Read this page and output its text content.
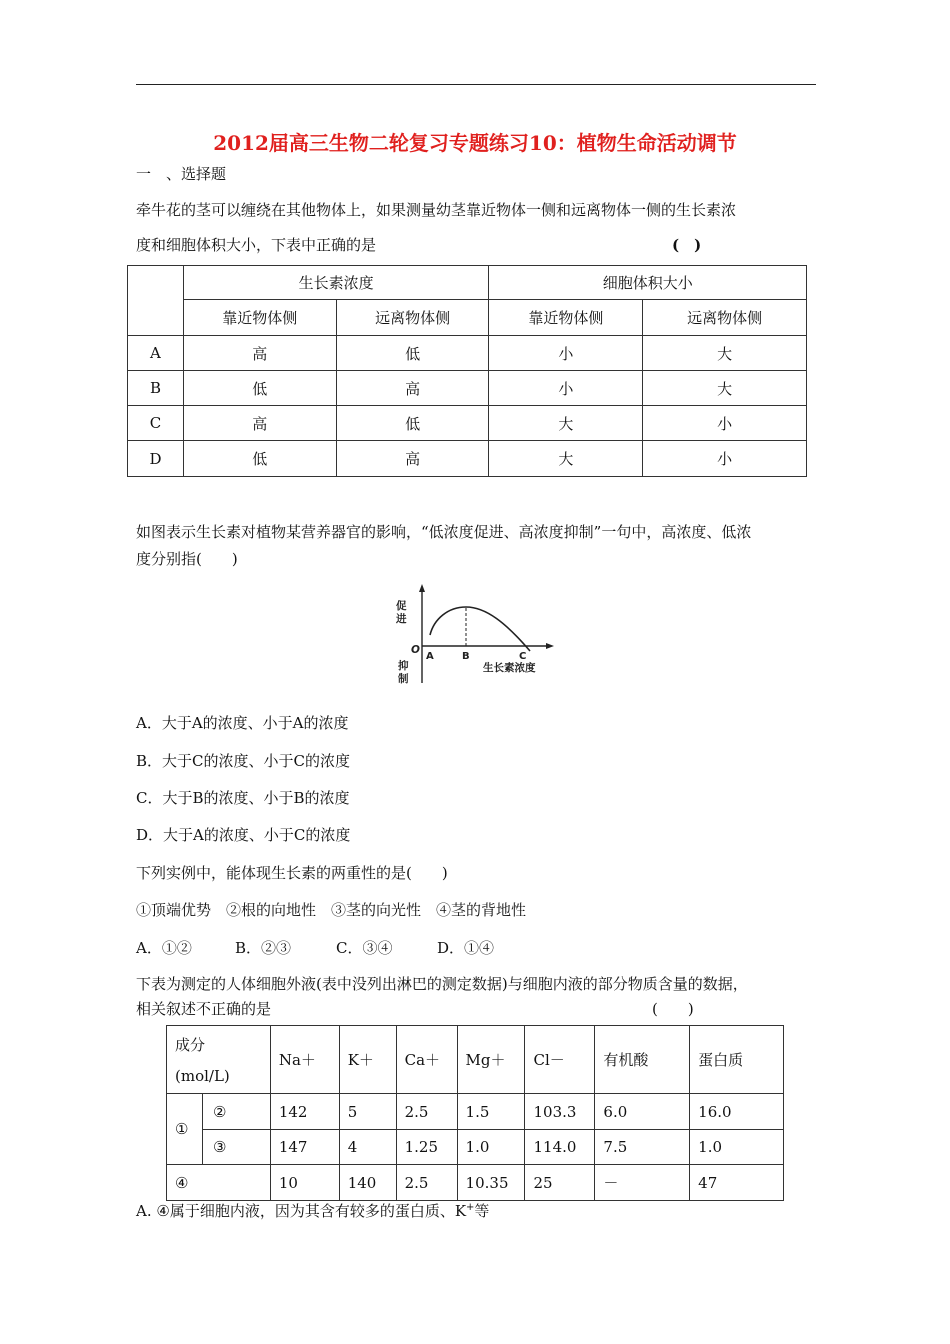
2012届高三生物二轮复习专题练习10：植物生命活动调节
一　、选择题
牵牛花的茎可以缠绕在其他物体上，如果测量幼茎靠近物体一侧和远离物体一侧的生长素浓
度和细胞体积大小，下表中正确的是	(　)
	生长素浓度		细胞体积大小	
	靠近物体侧	远离物体侧	靠近物体侧	远离物体侧
A	高	低	小	大
B	低	高	小	大
C	高	低	大	小
D	低	高	大	小
如图表示生长素对植物某营养器官的影响，“低浓度促进、高浓度抑制”一句中，高浓度、低浓
度分别指(　　)
促
进
O
抑
制
A	B	C
生长素浓度
A．大于A的浓度、小于A的浓度
B．大于C的浓度、小于C的浓度
C．大于B的浓度、小于B的浓度
D．大于A的浓度、小于C的浓度
下列实例中，能体现生长素的两重性的是(　　)
①顶端优势　②根的向地性　③茎的向光性　④茎的背地性
A．①②	B．②③	C．③④	D．①④
下表为测定的人体细胞外液(表中没列出淋巴的测定数据)与细胞内液的部分物质含量的数据，
相关叙述不正确的是	(　　)
成分
(mol/L)		Na＋	K＋	Ca＋	Mg＋	Cl－	有机酸	蛋白质
①	②	142	5	2.5	1.5	103.3	6.0	16.0
	③	147	4	1.25	1.0	114.0	7.5	1.0
④		10	140	2.5	10.35	25	－	47
A. ④属于细胞内液，因为其含有较多的蛋白质、K+等
